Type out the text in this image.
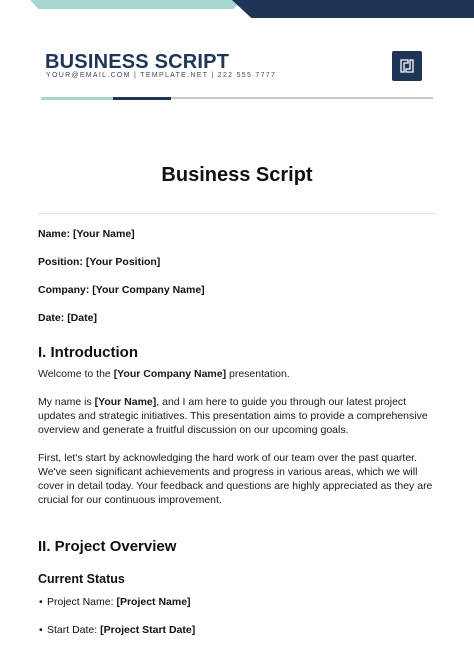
BUSINESS SCRIPT
YOUR@EMAIL.COM | TEMPLATE.NET | 222 555 7777
Business Script
Name: [Your Name]
Position: [Your Position]
Company: [Your Company Name]
Date: [Date]
I. Introduction

Welcome to the [Your Company Name] presentation.

My name is [Your Name], and I am here to guide you through our latest project updates and strategic initiatives. This presentation aims to provide a comprehensive overview and generate a fruitful discussion on our upcoming goals.

First, let's start by acknowledging the hard work of our team over the past quarter. We've seen significant achievements and progress in various areas, which we will cover in detail today. Your feedback and questions are highly appreciated as they are crucial for our continuous improvement.

II. Project Overview
Current Status
• Project Name: [Project Name]
• Start Date: [Project Start Date]
